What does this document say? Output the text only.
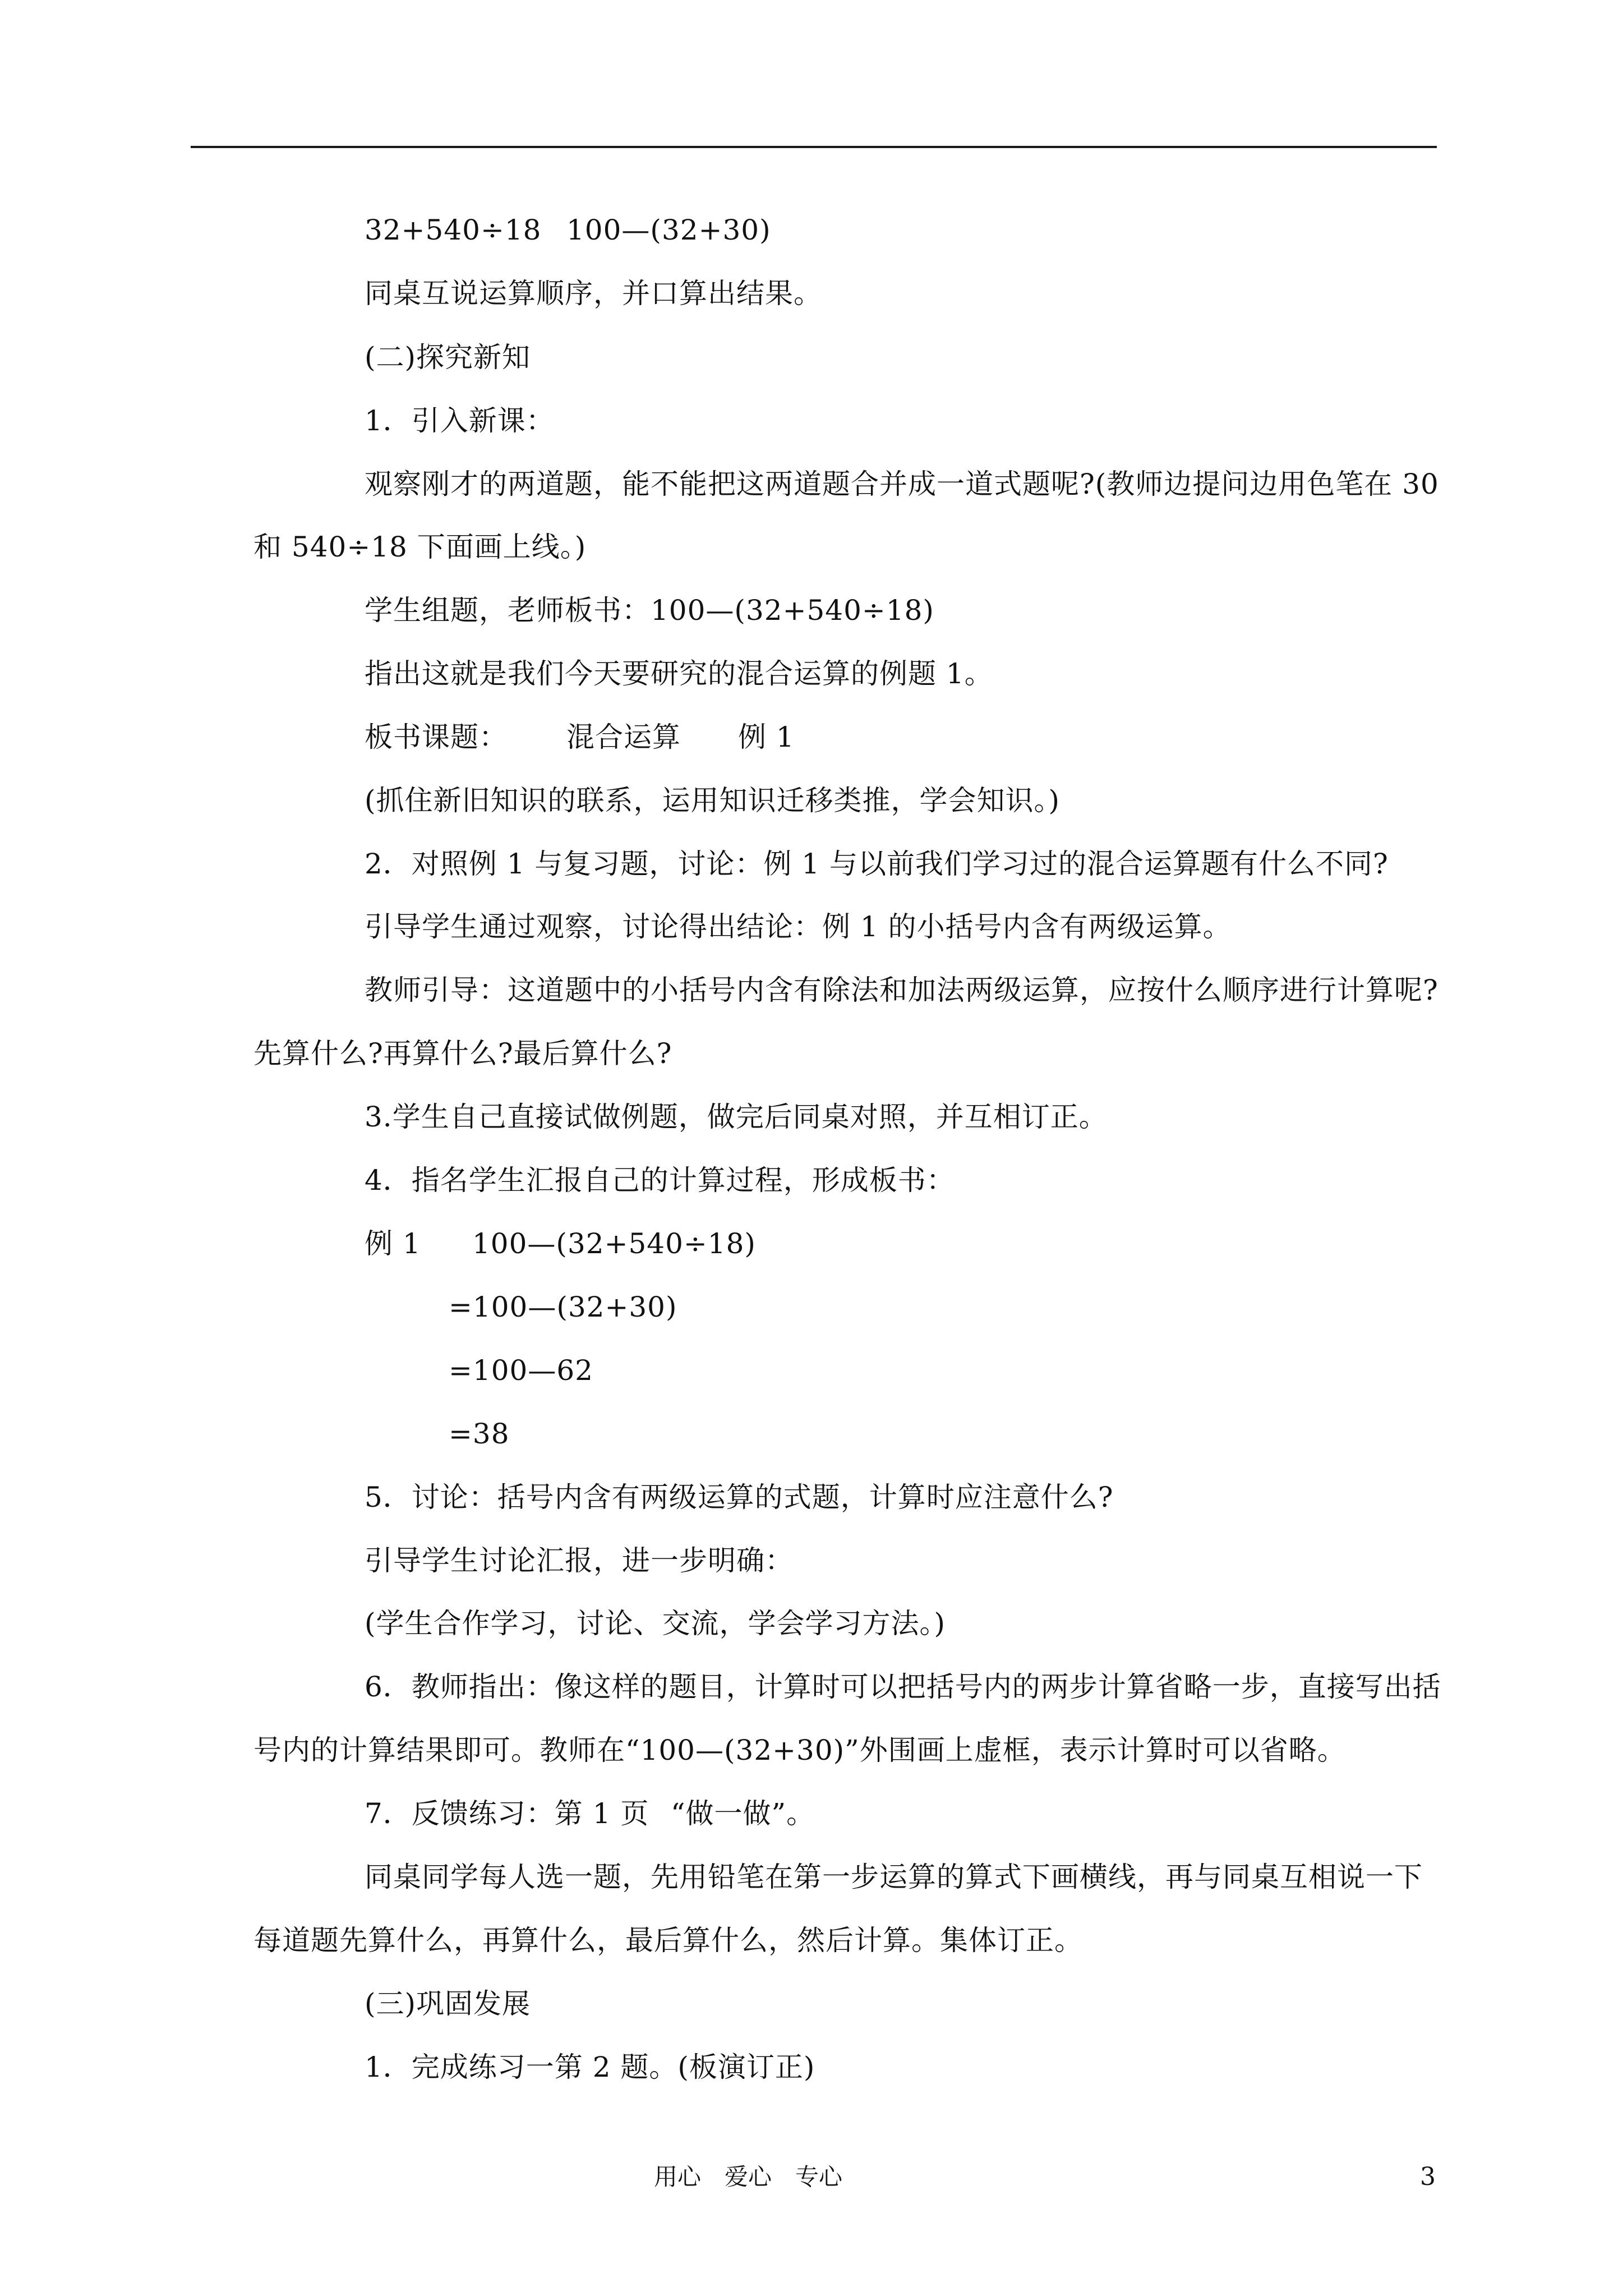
32+540÷18 100—(32+30)
同桌互说运算顺序，并口算出结果。
(二)探究新知
1．引入新课：
观察刚才的两道题，能不能把这两道题合并成一道式题呢?(教师边提问边用色笔在 30
和 540÷18 下面画上线。)
学生组题，老师板书：100—(32+540÷18)
指出这就是我们今天要研究的混合运算的例题 1。
板书课题： 混合运算 例 1
(抓住新旧知识的联系，运用知识迁移类推，学会知识。)
2．对照例 1 与复习题，讨论：例 1 与以前我们学习过的混合运算题有什么不同?
引导学生通过观察，讨论得出结论：例 1 的小括号内含有两级运算。
教师引导：这道题中的小括号内含有除法和加法两级运算，应按什么顺序进行计算呢?
先算什么?再算什么?最后算什么?
3.学生自己直接试做例题，做完后同桌对照，并互相订正。
4．指名学生汇报自己的计算过程，形成板书：
例 1 100—(32+540÷18)
=100—(32+30)
=100—62
=38
5．讨论：括号内含有两级运算的式题，计算时应注意什么?
引导学生讨论汇报，进一步明确：
(学生合作学习，讨论、交流，学会学习方法。)
6．教师指出：像这样的题目，计算时可以把括号内的两步计算省略一步，直接写出括
号内的计算结果即可。教师在“100—(32+30)”外围画上虚框，表示计算时可以省略。
7．反馈练习：第 1 页 “做一做”。
同桌同学每人选一题，先用铅笔在第一步运算的算式下画横线，再与同桌互相说一下
每道题先算什么，再算什么，最后算什么，然后计算。集体订正。
(三)巩固发展
1．完成练习一第 2 题。(板演订正)
用心　爱心　专心	3
